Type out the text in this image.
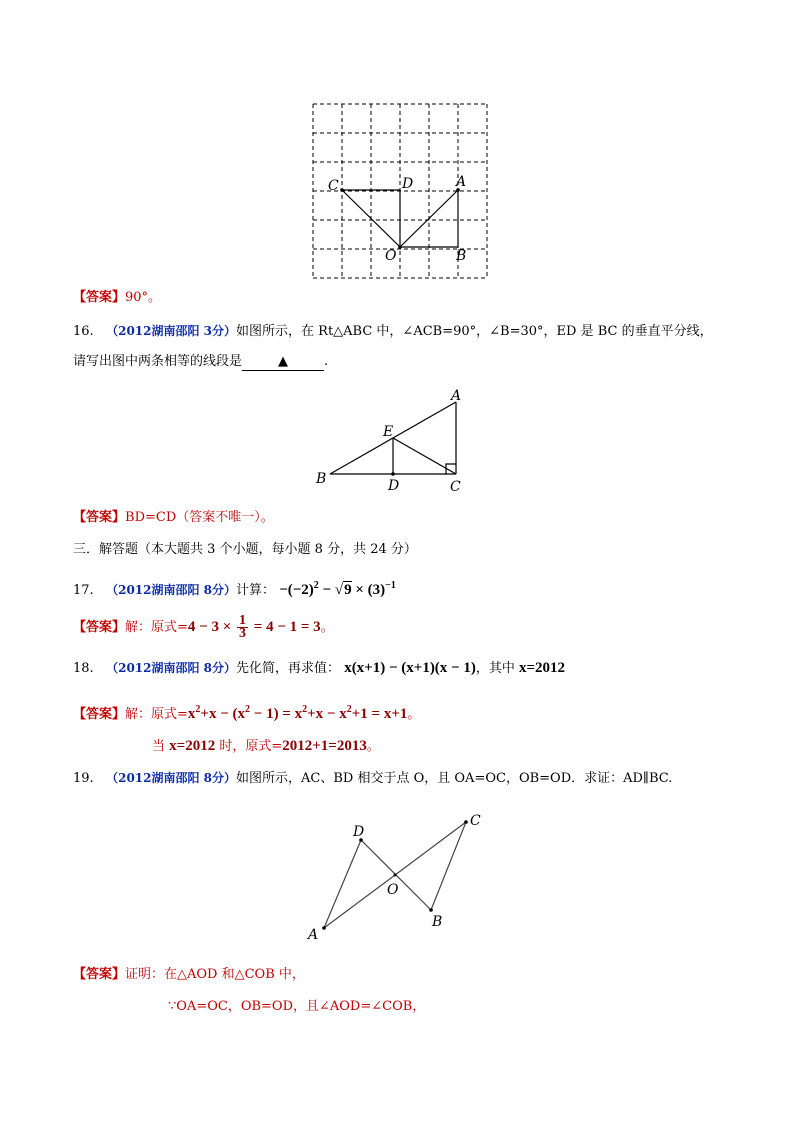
C	D	A
O	B
【答案】90°。
16. （2012湖南邵阳 3分）如图所示，在 Rt△ABC 中，∠ACB=90°，∠B=30°，ED 是 BC 的垂直平分线，
请写出图中两条相等的线段是	▲	.
A
E
B	D	C
【答案】BD=CD（答案不唯一）。
三．解答题（本大题共 3 个小题，每小题 8 分，共 24 分）
17. （2012湖南邵阳 8分）计算： $-(-2)^2 - √9 \times (3)^{-1}$
【答案】解：原式$=4 - 3 \times \frac{1}{3} = 4 - 1 = 3$。
18. （2012湖南邵阳 8分）先化简，再求值： x(x+1) − (x+1)(x − 1)，其中 x=2012
【答案】解：原式$=x^2+x - (x^2 - 1) = x^2+x - x^2+1 = x+1$。
当 x=2012 时，原式=2012+1=2013。
19. （2012湖南邵阳 8分）如图所示，AC、BD 相交于点 O，且 OA=OC，OB=OD．求证：AD∥BC.
D
C
O
A
B
【答案】证明：在△AOD 和△COB 中，
∵OA=OC，OB=OD，且∠AOD=∠COB，
